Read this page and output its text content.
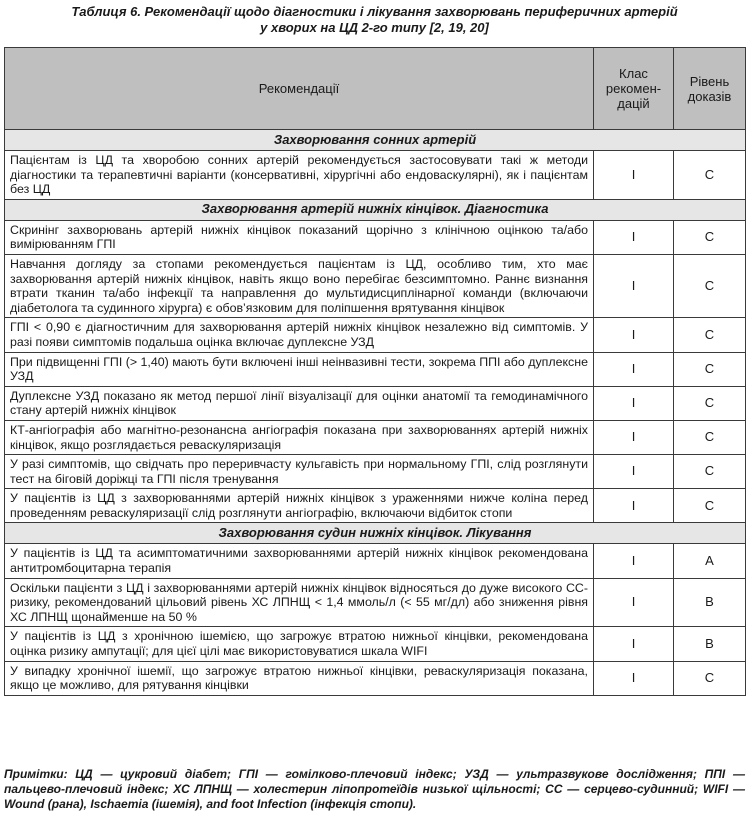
Таблиця 6. Рекомендації щодо діагностики і лікування захворювань периферичних артерій
у хворих на ЦД 2-го типу [2, 19, 20]
Рекомендації	Клас рекомен-дацій	Рівень доказів
Захворювання сонних артерій		
Пацієнтам із ЦД та хворобою сонних артерій рекомендується застосовувати такі ж методи діагностики та терапевтичні варіанти (консервативні, хірургічні або ендоваскулярні), як і пацієнтам без ЦД	I	C
Захворювання артерій нижніх кінцівок. Діагностика		
Скринінг захворювань артерій нижніх кінцівок показаний щорічно з клінічною оцінкою та/або вимірюванням ГПІ	I	C
Навчання догляду за стопами рекомендується пацієнтам із ЦД, особливо тим, хто має захворювання артерій нижніх кінцівок, навіть якщо воно перебігає безсимптомно. Раннє визнання втрати тканин та/або інфекції та направлення до мультидисциплінарної команди (включаючи діабетолога та судинного хірурга) є обов’язковим для поліпшення врятування кінцівок	I	C
ГПІ < 0,90 є діагностичним для захворювання артерій нижніх кінцівок незалежно від симптомів. У разі появи симптомів подальша оцінка включає дуплексне УЗД	I	C
При підвищенні ГПІ (> 1,40) мають бути включені інші неінвазивні тести, зокрема ППІ або дуплексне УЗД	I	C
Дуплексне УЗД показано як метод першої лінії візуалізації для оцінки анатомії та гемодинамічного стану артерій нижніх кінцівок	I	C
КТ-ангіографія або магнітно-резонансна ангіографія показана при захворюваннях артерій нижніх кінцівок, якщо розглядається реваскуляризація	I	C
У разі симптомів, що свідчать про переривчасту кульгавість при нормальному ГПІ, слід розглянути тест на біговій доріжці та ГПІ після тренування	I	C
У пацієнтів із ЦД з захворюваннями артерій нижніх кінцівок з ураженнями нижче коліна перед проведенням реваскуляризації слід розглянути ангіографію, включаючи відбиток стопи	I	C
Захворювання судин нижніх кінцівок. Лікування		
У пацієнтів із ЦД та асимптоматичними захворюваннями артерій нижніх кінцівок рекомендована антитромбоцитарна терапія	I	A
Оскільки пацієнти з ЦД і захворюваннями артерій нижніх кінцівок відносяться до дуже високого СС-ризику, рекомендований цільовий рівень ХС ЛПНЩ < 1,4 ммоль/л (< 55 мг/дл) або зниження рівня ХС ЛПНЩ щонайменше на 50 %	I	B
У пацієнтів із ЦД з хронічною ішемією, що загрожує втратою нижньої кінцівки, рекомендована оцінка ризику ампутації; для цієї цілі має використовуватися шкала WIFI	I	B
У випадку хронічної ішемії, що загрожує втратою нижньої кінцівки, реваскуляризація показана, якщо це можливо, для рятування кінцівки	I	C
Примітки: ЦД — цукровий діабет; ГПІ — гомілково-плечовий індекс; УЗД — ультразвукове дослідження; ППІ — пальцево-плечовий індекс; ХС ЛПНЩ — холестерин ліпопротеїдів низької щільності; СС — серцево-судинний; WIFI — Wound (рана), Ischaemia (ішемія), and foot Infection (інфекція стопи).
